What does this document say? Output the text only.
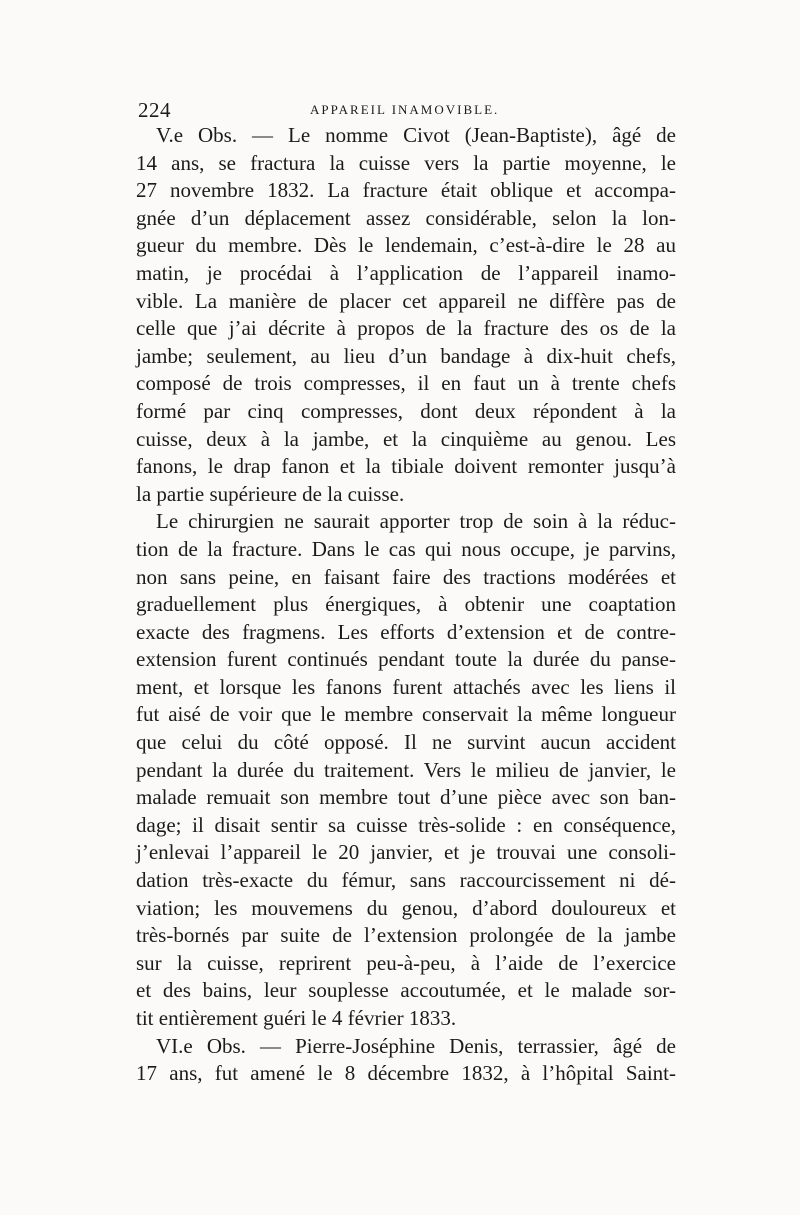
224	APPAREIL INAMOVIBLE.
V.e Obs. — Le nomme Civot (Jean-Baptiste), âgé de
14 ans, se fractura la cuisse vers la partie moyenne, le
27 novembre 1832. La fracture était oblique et accompa-
gnée d’un déplacement assez considérable, selon la lon-
gueur du membre. Dès le lendemain, c’est-à-dire le 28 au
matin, je procédai à l’application de l’appareil inamo-
vible. La manière de placer cet appareil ne diffère pas de
celle que j’ai décrite à propos de la fracture des os de la
jambe; seulement, au lieu d’un bandage à dix-huit chefs,
composé de trois compresses, il en faut un à trente chefs
formé par cinq compresses, dont deux répondent à la
cuisse, deux à la jambe, et la cinquième au genou. Les
fanons, le drap fanon et la tibiale doivent remonter jusqu’à
la partie supérieure de la cuisse.
Le chirurgien ne saurait apporter trop de soin à la réduc-
tion de la fracture. Dans le cas qui nous occupe, je parvins,
non sans peine, en faisant faire des tractions modérées et
graduellement plus énergiques, à obtenir une coaptation
exacte des fragmens. Les efforts d’extension et de contre-
extension furent continués pendant toute la durée du panse-
ment, et lorsque les fanons furent attachés avec les liens il
fut aisé de voir que le membre conservait la même longueur
que celui du côté opposé. Il ne survint aucun accident
pendant la durée du traitement. Vers le milieu de janvier, le
malade remuait son membre tout d’une pièce avec son ban-
dage; il disait sentir sa cuisse très-solide : en conséquence,
j’enlevai l’appareil le 20 janvier, et je trouvai une consoli-
dation très-exacte du fémur, sans raccourcissement ni dé-
viation; les mouvemens du genou, d’abord douloureux et
très-bornés par suite de l’extension prolongée de la jambe
sur la cuisse, reprirent peu-à-peu, à l’aide de l’exercice
et des bains, leur souplesse accoutumée, et le malade sor-
tit entièrement guéri le 4 février 1833.
VI.e Obs. — Pierre-Joséphine Denis, terrassier, âgé de
17 ans, fut amené le 8 décembre 1832, à l’hôpital Saint-
